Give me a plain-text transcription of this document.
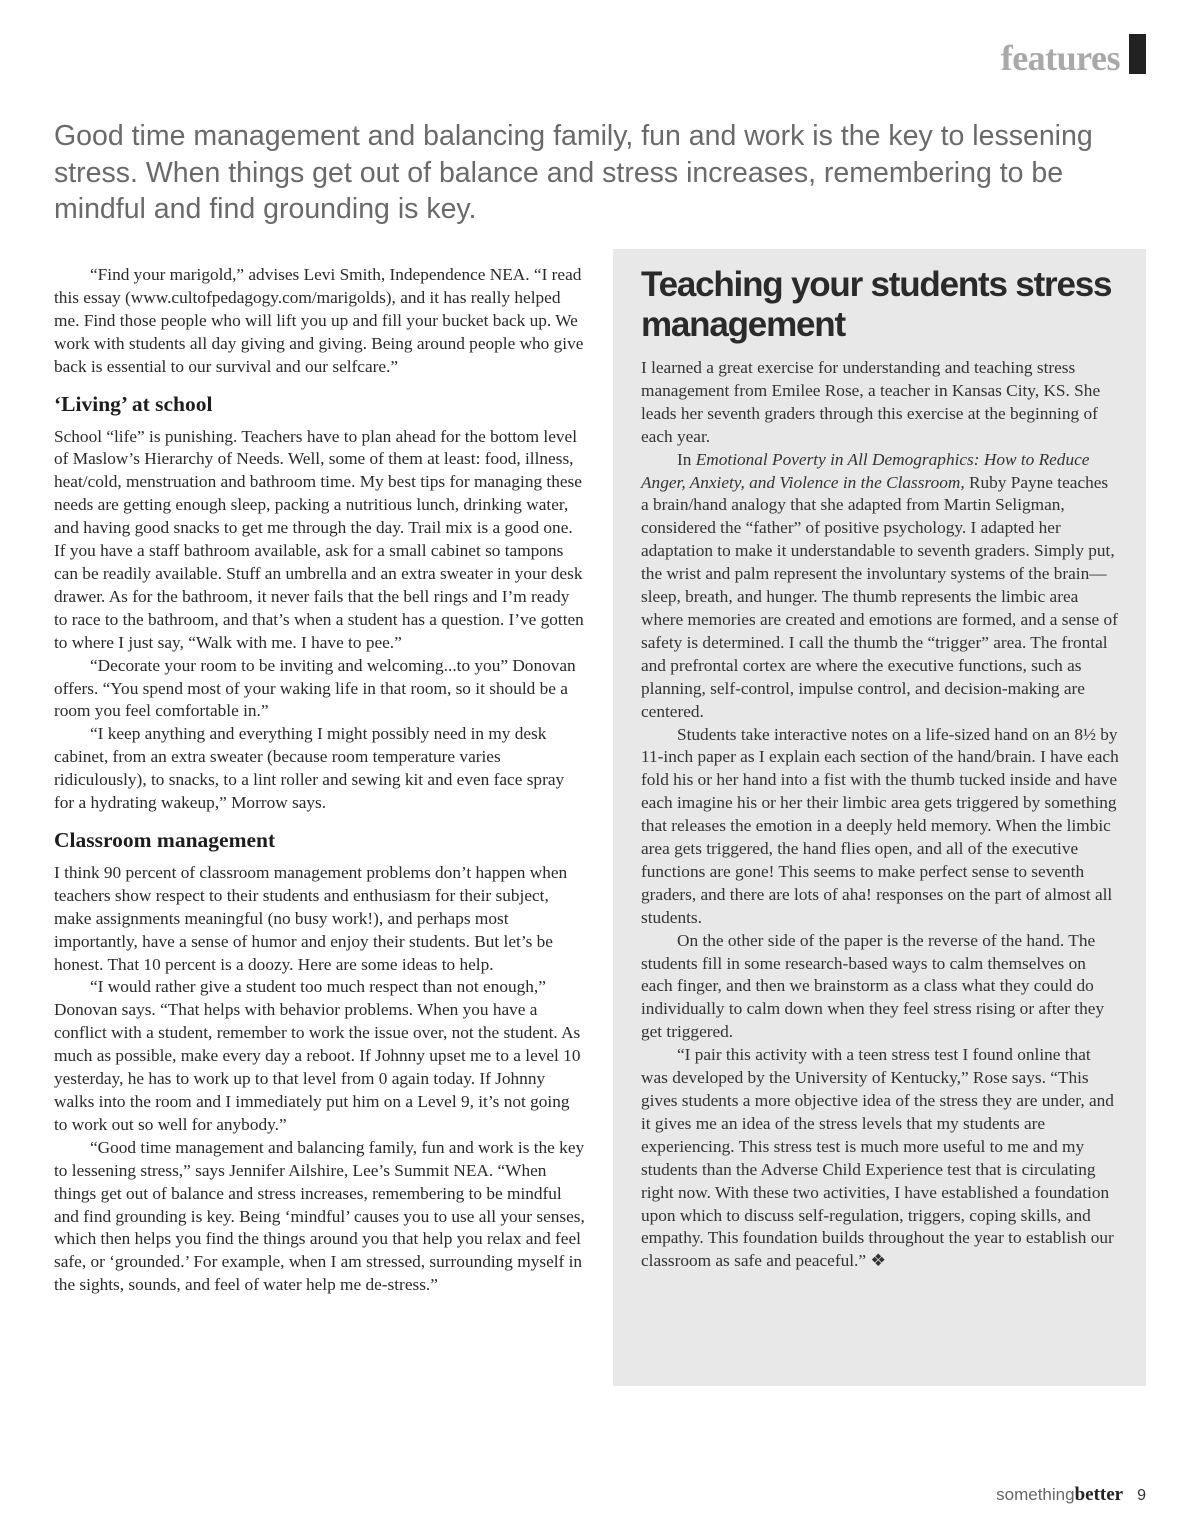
features

Good time management and balancing family, fun and work is the key to lessening stress. When things get out of balance and stress increases, remembering to be mindful and find grounding is key.

“Find your marigold,” advises Levi Smith, Independence NEA. “I read this essay (www.cultofpedagogy.com/marigolds), and it has really helped me. Find those people who will lift you up and fill your bucket back up. We work with students all day giving and giving. Being around people who give back is essential to our survival and our selfcare.”

‘Living’ at school

School “life” is punishing. Teachers have to plan ahead for the bottom level of Maslow’s Hierarchy of Needs. Well, some of them at least: food, illness, heat/cold, menstruation and bathroom time. My best tips for managing these needs are getting enough sleep, packing a nutritious lunch, drinking water, and having good snacks to get me through the day. Trail mix is a good one. If you have a staff bathroom available, ask for a small cabinet so tampons can be readily available. Stuff an umbrella and an extra sweater in your desk drawer. As for the bathroom, it never fails that the bell rings and I’m ready to race to the bathroom, and that’s when a student has a question. I’ve gotten to where I just say, “Walk with me. I have to pee.”

“Decorate your room to be inviting and welcoming...to you” Donovan offers. “You spend most of your waking life in that room, so it should be a room you feel comfortable in.”

“I keep anything and everything I might possibly need in my desk cabinet, from an extra sweater (because room temperature varies ridiculously), to snacks, to a lint roller and sewing kit and even face spray for a hydrating wakeup,” Morrow says.

Classroom management

I think 90 percent of classroom management problems don’t happen when teachers show respect to their students and enthusiasm for their subject, make assignments meaningful (no busy work!), and perhaps most importantly, have a sense of humor and enjoy their students. But let’s be honest. That 10 percent is a doozy. Here are some ideas to help.

“I would rather give a student too much respect than not enough,” Donovan says. “That helps with behavior problems. When you have a conflict with a student, remember to work the issue over, not the student. As much as possible, make every day a reboot. If Johnny upset me to a level 10 yesterday, he has to work up to that level from 0 again today. If Johnny walks into the room and I immediately put him on a Level 9, it’s not going to work out so well for anybody.”

“Good time management and balancing family, fun and work is the key to lessening stress,” says Jennifer Ailshire, Lee’s Summit NEA. “When things get out of balance and stress increases, remembering to be mindful and find grounding is key. Being ‘mindful’ causes you to use all your senses, which then helps you find the things around you that help you relax and feel safe, or ‘grounded.’ For example, when I am stressed, surrounding myself in the sights, sounds, and feel of water help me de-stress.”

Teaching your students stress management

I learned a great exercise for understanding and teaching stress management from Emilee Rose, a teacher in Kansas City, KS. She leads her seventh graders through this exercise at the beginning of each year.

In Emotional Poverty in All Demographics: How to Reduce Anger, Anxiety, and Violence in the Classroom, Ruby Payne teaches a brain/hand analogy that she adapted from Martin Seligman, considered the “father” of positive psychology. I adapted her adaptation to make it understandable to seventh graders. Simply put, the wrist and palm represent the involuntary systems of the brain—sleep, breath, and hunger. The thumb represents the limbic area where memories are created and emotions are formed, and a sense of safety is determined. I call the thumb the “trigger” area. The frontal and prefrontal cortex are where the executive functions, such as planning, self-control, impulse control, and decision-making are centered.

Students take interactive notes on a life-sized hand on an 8½ by 11-inch paper as I explain each section of the hand/brain. I have each fold his or her hand into a fist with the thumb tucked inside and have each imagine his or her their limbic area gets triggered by something that releases the emotion in a deeply held memory. When the limbic area gets triggered, the hand flies open, and all of the executive functions are gone! This seems to make perfect sense to seventh graders, and there are lots of aha! responses on the part of almost all students.

On the other side of the paper is the reverse of the hand. The students fill in some research-based ways to calm themselves on each finger, and then we brainstorm as a class what they could do individually to calm down when they feel stress rising or after they get triggered.

“I pair this activity with a teen stress test I found online that was developed by the University of Kentucky,” Rose says. “This gives students a more objective idea of the stress they are under, and it gives me an idea of the stress levels that my students are experiencing. This stress test is much more useful to me and my students than the Adverse Child Experience test that is circulating right now. With these two activities, I have established a foundation upon which to discuss self-regulation, triggers, coping skills, and empathy. This foundation builds throughout the year to establish our classroom as safe and peaceful.” ❖

somethingbetter 9
